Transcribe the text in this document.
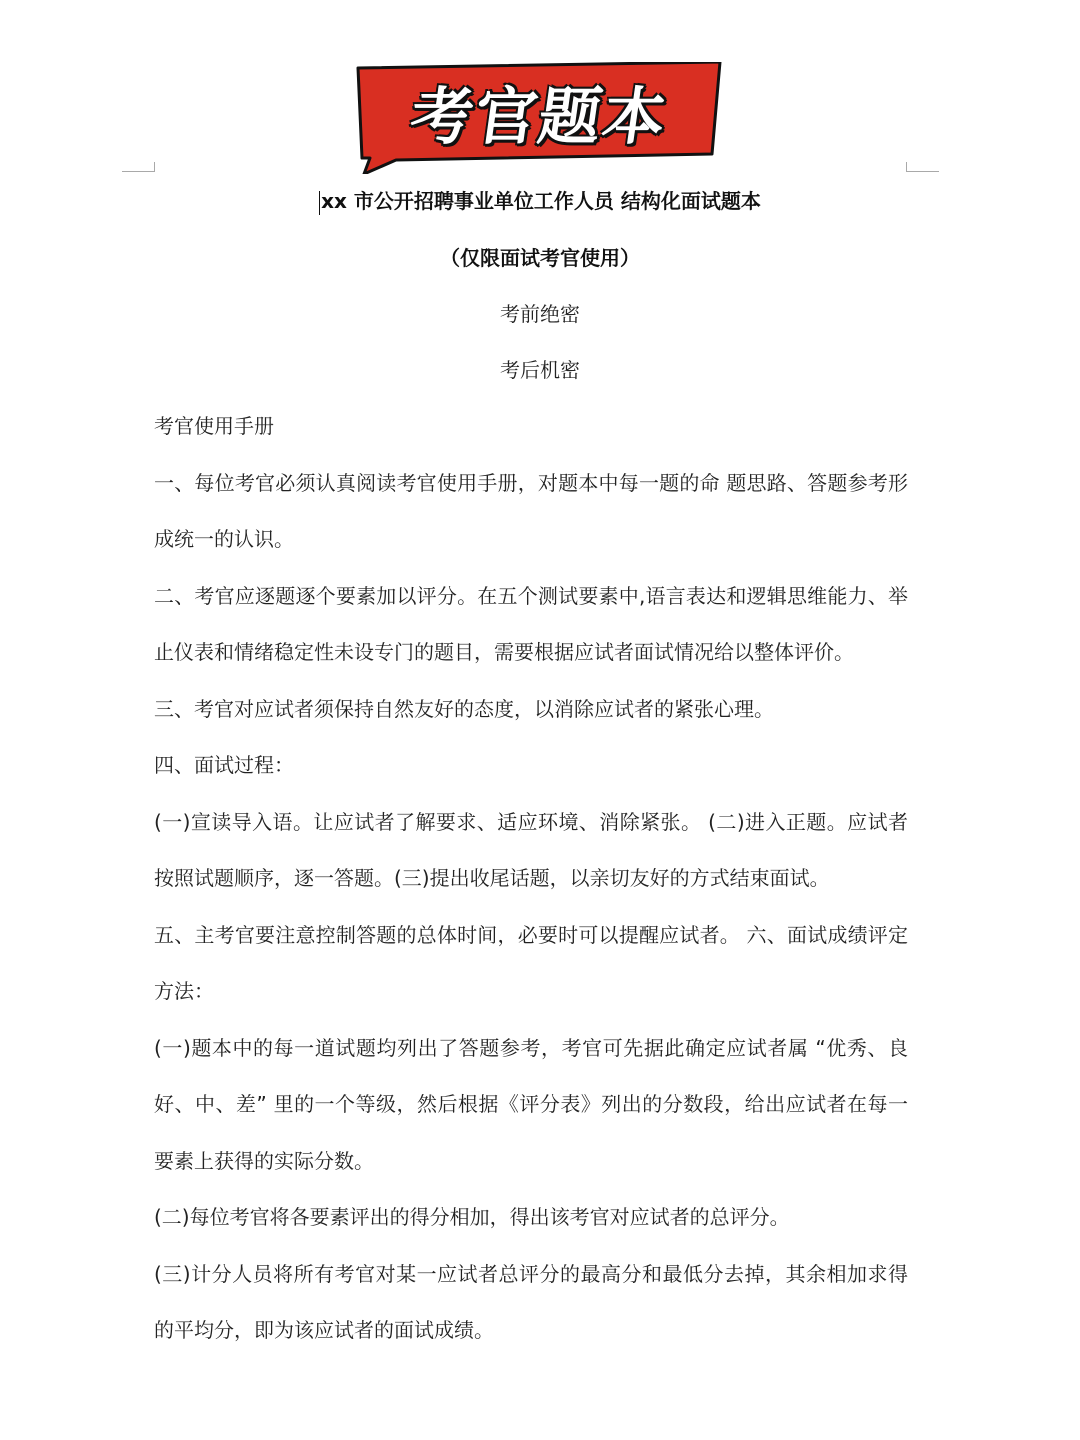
考官题本
xx 市公开招聘事业单位工作人员 结构化面试题本
（仅限面试考官使用）
考前绝密
考后机密

考官使用手册

一、每位考官必须认真阅读考官使用手册，对题本中每一题的命 题思路、答题参考形成统一的认识。

二、考官应逐题逐个要素加以评分。在五个测试要素中,语言表达和逻辑思维能力、举止仪表和情绪稳定性未设专门的题目，需要根据应试者面试情况给以整体评价。

三、考官对应试者须保持自然友好的态度，以消除应试者的紧张心理。

四、面试过程：

(一)宣读导入语。让应试者了解要求、适应环境、消除紧张。 (二)进入正题。应试者按照试题顺序，逐一答题。(三)提出收尾话题，以亲切友好的方式结束面试。

五、主考官要注意控制答题的总体时间，必要时可以提醒应试者。 六、面试成绩评定方法：

(一)题本中的每一道试题均列出了答题参考，考官可先据此确定应试者属 “优秀、良好、中、差” 里的一个等级，然后根据《评分表》列出的分数段，给出应试者在每一要素上获得的实际分数。

(二)每位考官将各要素评出的得分相加，得出该考官对应试者的总评分。

(三)计分人员将所有考官对某一应试者总评分的最高分和最低分去掉，其余相加求得的平均分，即为该应试者的面试成绩。
